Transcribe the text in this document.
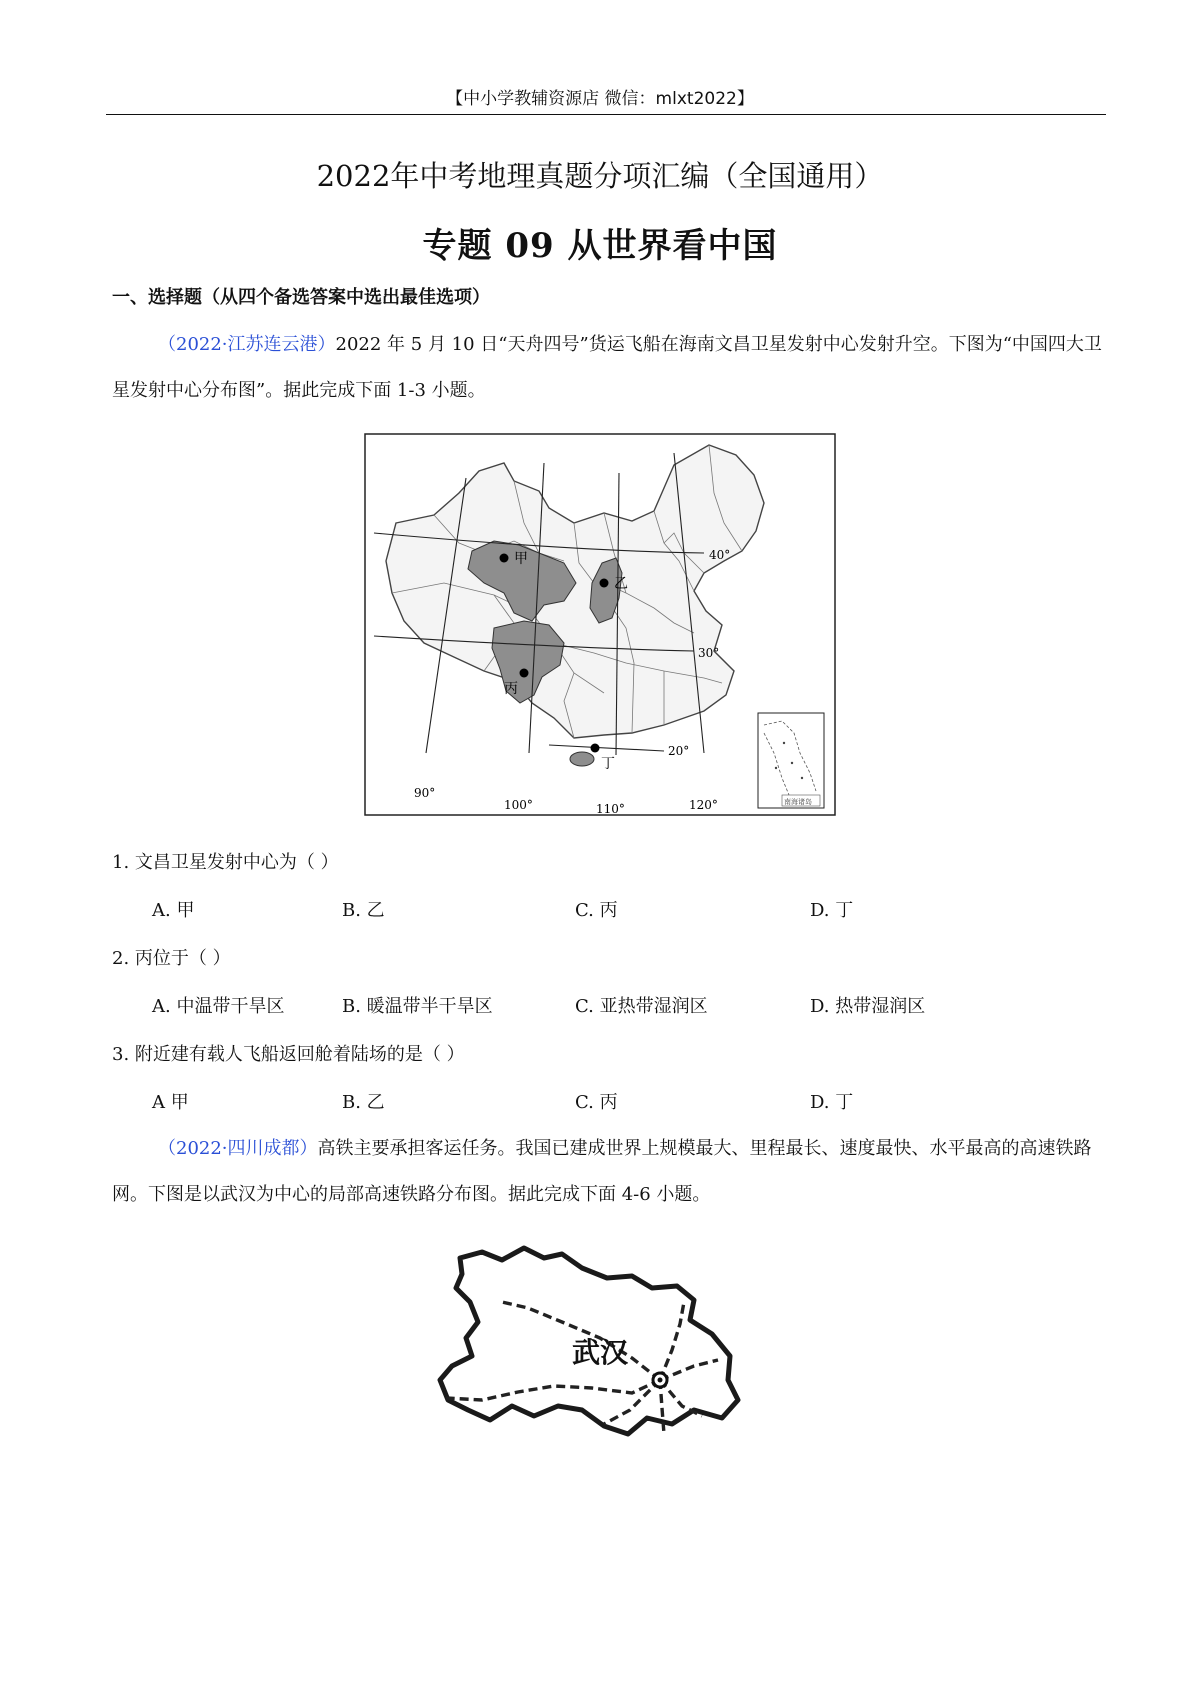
【中小学教辅资源店 微信：mlxt2022】
2022年中考地理真题分项汇编（全国通用）
专题 09 从世界看中国
一、选择题（从四个备选答案中选出最佳选项）
（2022·江苏连云港）2022 年 5 月 10 日“天舟四号”货运飞船在海南文昌卫星发射中心发射升空。下图为“中国四大卫星发射中心分布图”。据此完成下面 1-3 小题。
甲
乙
丙
丁
40°
30°
20°
90°
100°	110°	120°	南海诸岛
1. 文昌卫星发射中心为（ ）
A. 甲	B. 乙	C. 丙	D. 丁
2. 丙位于（ ）
A. 中温带干旱区	B. 暖温带半干旱区	C. 亚热带湿润区	D. 热带湿润区
3. 附近建有载人飞船返回舱着陆场的是（ ）
A 甲	B. 乙	C. 丙	D. 丁
（2022·四川成都）高铁主要承担客运任务。我国已建成世界上规模最大、里程最长、速度最快、水平最高的高速铁路网。下图是以武汉为中心的局部高速铁路分布图。据此完成下面 4-6 小题。
武汉
